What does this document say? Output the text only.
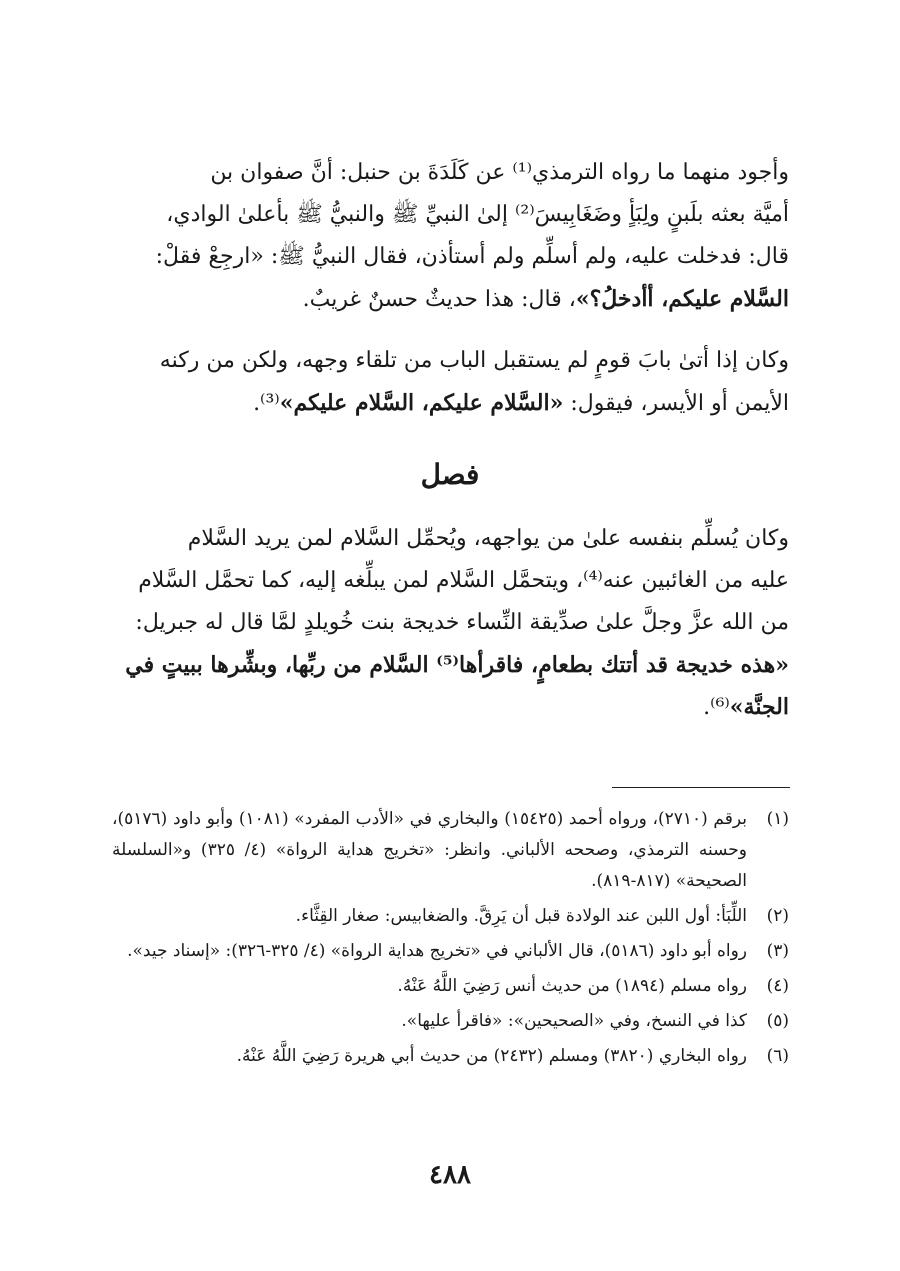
وأجود منهما ما رواه الترمذي⁽¹⁾ عن كَلَدَةَ بن حنبل: أنَّ صفوان بن

أميَّة بعثه بلَبنٍ ولِبَأٍ وضَغَابِيسَ⁽²⁾ إلىٰ النبيِّ ﷺ والنبيُّ ﷺ بأعلىٰ الوادي،

قال: فدخلت عليه، ولم أسلِّم ولم أستأذن، فقال النبيُّ ﷺ: «ارجِعْ فقلْ:

السَّلام عليكم، أأدخلُ؟»، قال: هذا حديثٌ حسنٌ غريبٌ.

وكان إذا أتىٰ بابَ قومٍ لم يستقبل الباب من تلقاء وجهه، ولكن من ركنه

الأيمن أو الأيسر، فيقول: «السَّلام عليكم، السَّلام عليكم»⁽³⁾.

فصل

وكان يُسلِّم بنفسه علىٰ من يواجهه، ويُحمِّل السَّلام لمن يريد السَّلام

عليه من الغائبين عنه⁽⁴⁾، ويتحمَّل السَّلام لمن يبلِّغه إليه، كما تحمَّل السَّلام

من الله عزَّ وجلَّ علىٰ صدِّيقة النِّساء خديجة بنت خُويلدٍ لمَّا قال له جبريل:

«هذه خديجة قد أتتك بطعامٍ، فاقرأها⁽⁵⁾ السَّلام من ربِّها، وبشِّرها ببيتٍ في

الجنَّة»⁽⁶⁾.

(١)
برقم (٢٧١٠)، ورواه أحمد (١٥٤٢٥) والبخاري في «الأدب المفرد» (١٠٨١) وأبو داود (٥١٧٦)، وحسنه الترمذي، وصححه الألباني. وانظر: «تخريج هداية الرواة» (٤/ ٣٢٥) و«السلسلة الصحيحة» (٨١٧-٨١٩).
(٢)
اللِّبَأ: أول اللبن عند الولادة قبل أن يَرِقَّ. والضغابيس: صغار القِثَّاء.
(٣)
رواه أبو داود (٥١٨٦)، قال الألباني في «تخريج هداية الرواة» (٤/ ٣٢٥-٣٢٦): «إسناد جيد».
(٤)
رواه مسلم (١٨٩٤) من حديث أنس رَضِيَ اللَّهُ عَنْهُ.
(٥)
كذا في النسخ، وفي «الصحيحين»: «فاقرأ عليها».
(٦)
رواه البخاري (٣٨٢٠) ومسلم (٢٤٣٢) من حديث أبي هريرة رَضِيَ اللَّهُ عَنْهُ.
٤٨٨
